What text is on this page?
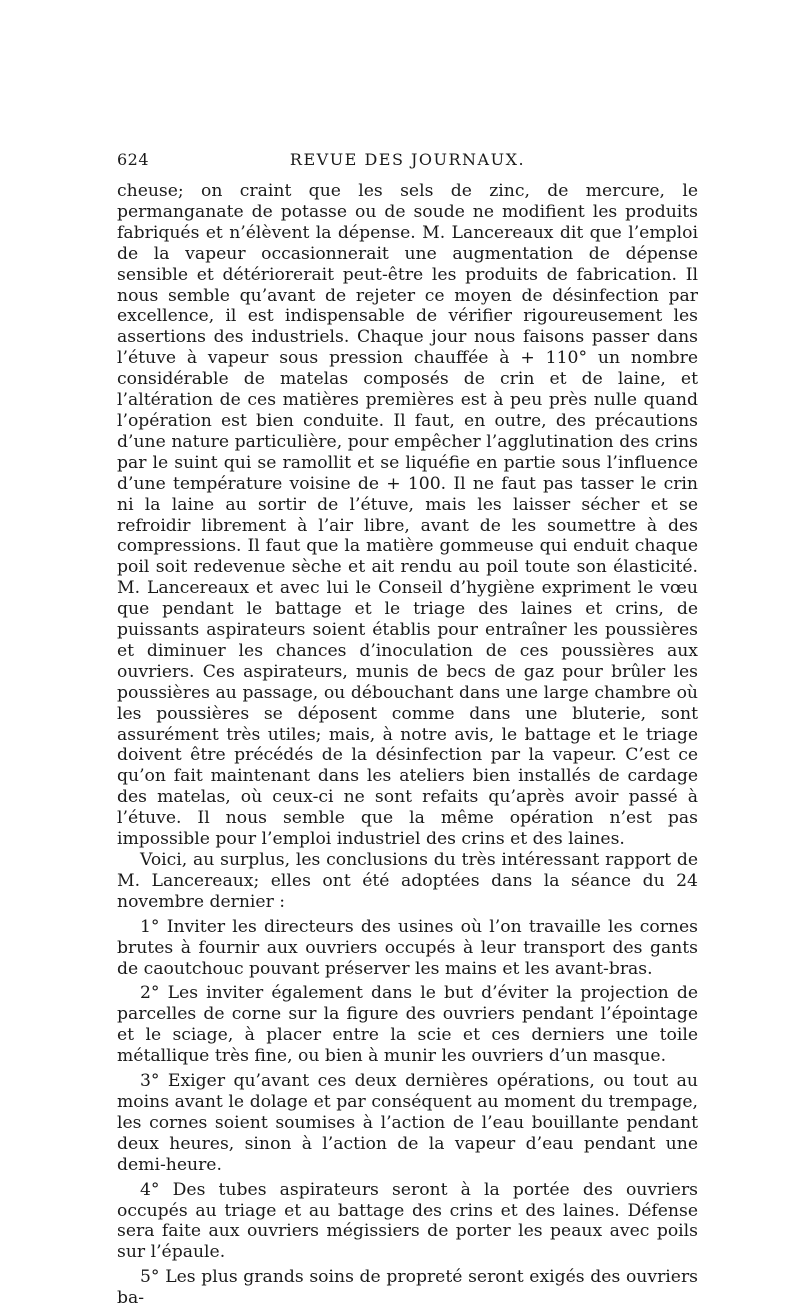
624	REVUE DES JOURNAUX.

cheuse; on craint que les sels de zinc, de mercure, le permanganate de potasse ou de soude ne modifient les produits fabriqués et n’élèvent la dépense. M. Lancereaux dit que l’emploi de la vapeur occasionnerait une augmentation de dépense sensible et détériorerait peut-être les produits de fabrication. Il nous semble qu’avant de rejeter ce moyen de désinfection par excellence, il est indispensable de vérifier rigoureusement les assertions des industriels. Chaque jour nous faisons passer dans l’étuve à vapeur sous pression chauffée à + 110° un nombre considérable de matelas composés de crin et de laine, et l’altération de ces matières premières est à peu près nulle quand l’opération est bien conduite. Il faut, en outre, des précautions d’une nature particulière, pour empêcher l’agglutination des crins par le suint qui se ramollit et se liquéfie en partie sous l’influence d’une température voisine de + 100. Il ne faut pas tasser le crin ni la laine au sortir de l’étuve, mais les laisser sécher et se refroidir librement à l’air libre, avant de les soumettre à des compressions. Il faut que la matière gommeuse qui enduit chaque poil soit redevenue sèche et ait rendu au poil toute son élasticité. M. Lancereaux et avec lui le Conseil d’hygiène expriment le vœu que pendant le battage et le triage des laines et crins, de puissants aspirateurs soient établis pour entraîner les poussières et diminuer les chances d’inoculation de ces poussières aux ouvriers. Ces aspirateurs, munis de becs de gaz pour brûler les poussières au passage, ou débouchant dans une large chambre où les poussières se déposent comme dans une bluterie, sont assurément très utiles; mais, à notre avis, le battage et le triage doivent être précédés de la désinfection par la vapeur. C’est ce qu’on fait maintenant dans les ateliers bien installés de cardage des matelas, où ceux-ci ne sont refaits qu’après avoir passé à l’étuve. Il nous semble que la même opération n’est pas impossible pour l’emploi industriel des crins et des laines.

Voici, au surplus, les conclusions du très intéressant rapport de M. Lancereaux; elles ont été adoptées dans la séance du 24 novembre dernier :

1° Inviter les directeurs des usines où l’on travaille les cornes brutes à fournir aux ouvriers occupés à leur transport des gants de caoutchouc pouvant préserver les mains et les avant-bras.

2° Les inviter également dans le but d’éviter la projection de parcelles de corne sur la figure des ouvriers pendant l’épointage et le sciage, à placer entre la scie et ces derniers une toile métallique très fine, ou bien à munir les ouvriers d’un masque.

3° Exiger qu’avant ces deux dernières opérations, ou tout au moins avant le dolage et par conséquent au moment du trempage, les cornes soient soumises à l’action de l’eau bouillante pendant deux heures, sinon à l’action de la vapeur d’eau pendant une demi-heure.

4° Des tubes aspirateurs seront à la portée des ouvriers occupés au triage et au battage des crins et des laines. Défense sera faite aux ouvriers mégissiers de porter les peaux avec poils sur l’épaule.

5° Les plus grands soins de propreté seront exigés des ouvriers ba-
